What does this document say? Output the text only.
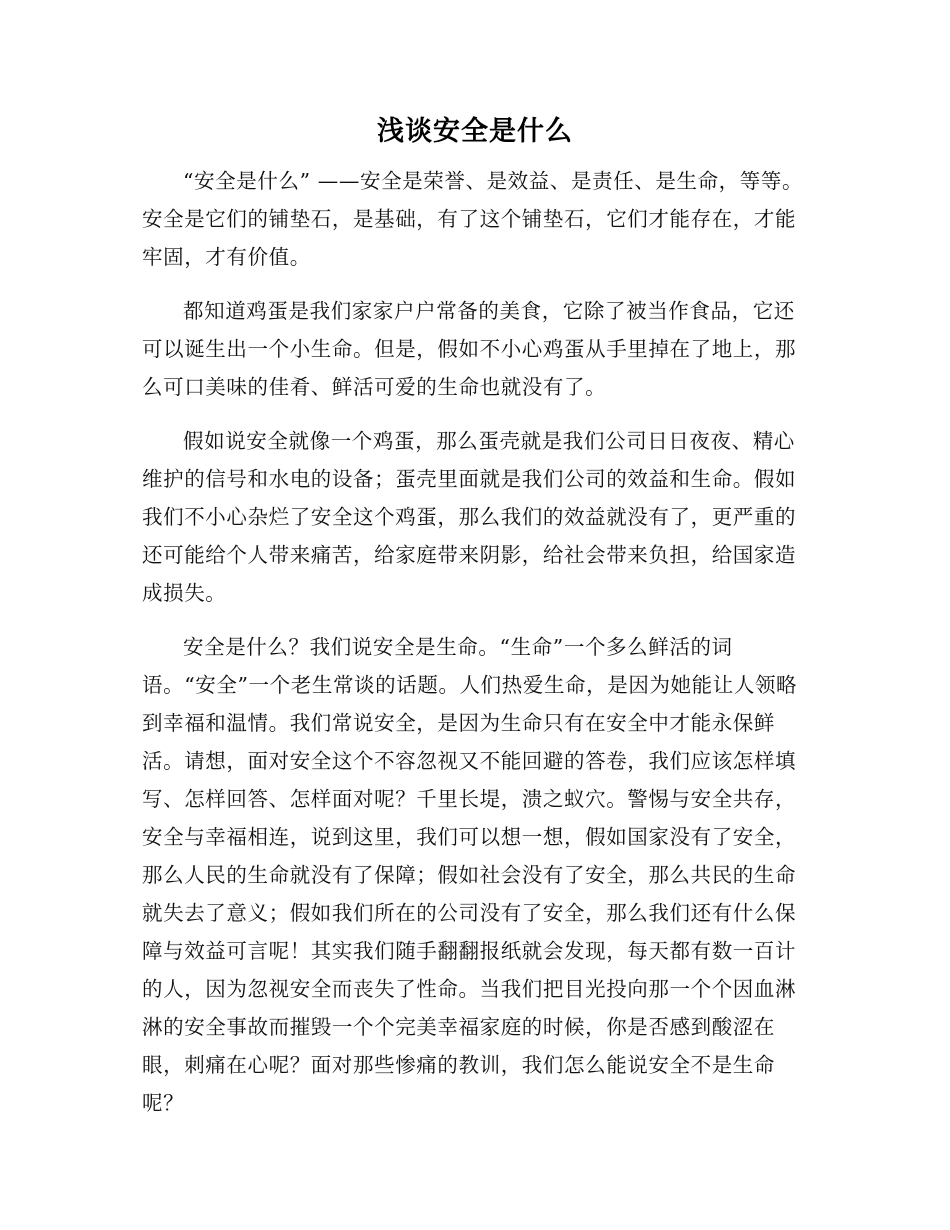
浅谈安全是什么

“安全是什么” ——安全是荣誉、是效益、是责任、是生命，等等。安全是它们的铺垫石，是基础，有了这个铺垫石，它们才能存在，才能牢固，才有价值。

都知道鸡蛋是我们家家户户常备的美食，它除了被当作食品，它还可以诞生出一个小生命。但是，假如不小心鸡蛋从手里掉在了地上，那么可口美味的佳肴、鲜活可爱的生命也就没有了。

假如说安全就像一个鸡蛋，那么蛋壳就是我们公司日日夜夜、精心维护的信号和水电的设备；蛋壳里面就是我们公司的效益和生命。假如我们不小心杂烂了安全这个鸡蛋，那么我们的效益就没有了，更严重的还可能给个人带来痛苦，给家庭带来阴影，给社会带来负担，给国家造成损失。

安全是什么？我们说安全是生命。“生命”一个多么鲜活的词语。“安全”一个老生常谈的话题。人们热爱生命，是因为她能让人领略到幸福和温情。我们常说安全，是因为生命只有在安全中才能永保鲜活。请想，面对安全这个不容忽视又不能回避的答卷，我们应该怎样填写、怎样回答、怎样面对呢？千里长堤，溃之蚁穴。警惕与安全共存，安全与幸福相连，说到这里，我们可以想一想，假如国家没有了安全，那么人民的生命就没有了保障；假如社会没有了安全，那么共民的生命就失去了意义；假如我们所在的公司没有了安全，那么我们还有什么保障与效益可言呢！其实我们随手翻翻报纸就会发现，每天都有数一百计的人，因为忽视安全而丧失了性命。当我们把目光投向那一个个因血淋淋的安全事故而摧毁一个个完美幸福家庭的时候，你是否感到酸涩在眼，刺痛在心呢？面对那些惨痛的教训，我们怎么能说安全不是生命呢？
